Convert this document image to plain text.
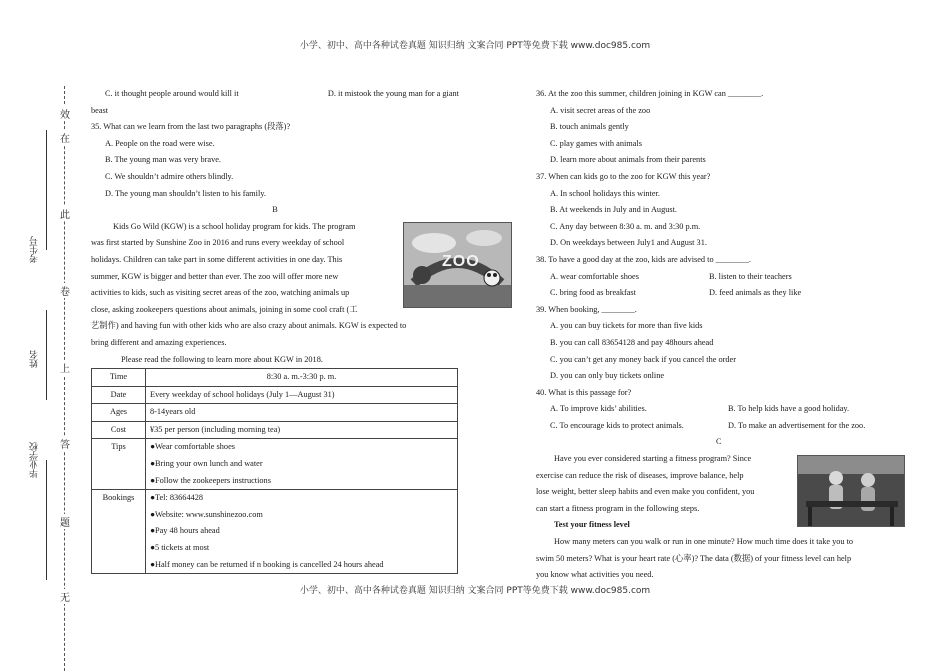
小学、初中、高中各种试卷真题 知识归纳 文案合同 PPT等免费下载 www.doc985.com
效
在
此
卷
上
答
题
无
考生号
姓名
毕业学校
C. it thought people around would kill it	D. it mistook the young man for a giant
beast
35. What can we learn from the last two paragraphs (段落)?
A. People on the road were wise.
B. The young man was very brave.
C. We shouldn’t admire others blindly.
D. The young man shouldn’t listen to his family.
B
Kids Go Wild (KGW) is a school holiday program for kids. The program
was first started by Sunshine Zoo in 2016 and runs every weekday of school
holidays. Children can take part in some different activities in one day. This
summer, KGW is bigger and better than ever. The zoo will offer more new
activities to kids, such as visiting secret areas of the zoo, watching animals up
close, asking zookeepers questions about animals, joining in some cool craft (工
艺制作) and having fun with other kids who are also crazy about animals. KGW is expected to
bring different and amazing experiences.
Please read the following to learn more about KGW in 2018.
Time	8:30 a. m.-3:30 p. m.
Date	Every weekday of school holidays (July 1—August 31)
Ages	8-14years old
Cost	¥35 per person (including morning tea)
Tips	●Wear comfortable shoes
●Bring your own lunch and water
●Follow the zookeepers instructions

Bookings	●Tel: 83664428
●Website: www.sunshinezoo.com
●Pay 48 hours ahead
●5 tickets at most
●Half money can be returned if n booking is cancelled 24 hours ahead
ZOO
36. At the zoo this summer, children joining in KGW can ________.
A. visit secret areas of the zoo
B. touch animals gently
C. play games with animals
D. learn more about animals from their parents
37. When can kids go to the zoo for KGW this year?
A. In school holidays this winter.
B. At weekends in July and in August.
C. Any day between 8:30 a. m. and 3:30 p.m.
D. On weekdays between July1 and August 31.
38. To have a good day at the zoo, kids are advised to ________.
A. wear comfortable shoes	B. listen to their teachers
C. bring food as breakfast	D. feed animals as they like
39. When booking, ________.
A. you can buy tickets for more than five kids
B. you can call 83654128 and pay 48hours ahead
C. you can’t get any money back if you cancel the order
D. you can only buy tickets online
40. What is this passage for?
A. To improve kids’ abilities.	B. To help kids have a good holiday.
C. To encourage kids to protect animals.	D. To make an advertisement for the zoo.
C
Have you ever considered starting a fitness program? Since
exercise can reduce the risk of diseases, improve balance, help
lose weight, better sleep habits and even make you confident, you
can start a fitness program in the following steps.
Test your fitness level
How many meters can you walk or run in one minute? How much time does it take you to
swim 50 meters? What is your heart rate (心率)? The data (数据) of your fitness level can help
you know what activities you need.
小学、初中、高中各种试卷真题 知识归纳 文案合同 PPT等免费下载 www.doc985.com
